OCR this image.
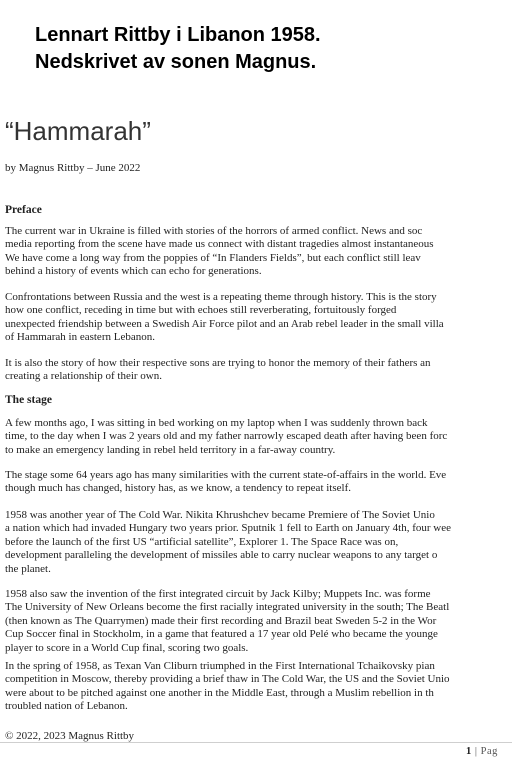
Lennart Rittby i Libanon 1958.
Nedskrivet av sonen Magnus.
“Hammarah”
by Magnus Rittby – June 2022
Preface
The current war in Ukraine is filled with stories of the horrors of armed conflict. News and soc
media reporting from the scene have made us connect with distant tragedies almost instantaneous
We have come a long way from the poppies of “In Flanders Fields”, but each conflict still leav
behind a history of events which can echo for generations.
Confrontations between Russia and the west is a repeating theme through history. This is the story
how one conflict, receding in time but with echoes still reverberating, fortuitously forged
unexpected friendship between a Swedish Air Force pilot and an Arab rebel leader in the small villa
of Hammarah in eastern Lebanon.
It is also the story of how their respective sons are trying to honor the memory of their fathers an
creating a relationship of their own.
The stage
A few months ago, I was sitting in bed working on my laptop when I was suddenly thrown back
time, to the day when I was 2 years old and my father narrowly escaped death after having been forc
to make an emergency landing in rebel held territory in a far-away country.
The stage some 64 years ago has many similarities with the current state-of-affairs in the world. Eve
though much has changed, history has, as we know, a tendency to repeat itself.
1958 was another year of The Cold War. Nikita Khrushchev became Premiere of The Soviet Unio
a nation which had invaded Hungary two years prior. Sputnik 1 fell to Earth on January 4th, four wee
before the launch of the first US “artificial satellite”, Explorer 1. The Space Race was on,
development paralleling the development of missiles able to carry nuclear weapons to any target o
the planet.
1958 also saw the invention of the first integrated circuit by Jack Kilby; Muppets Inc. was forme
The University of New Orleans become the first racially integrated university in the south; The Beatl
(then known as The Quarrymen) made their first recording and Brazil beat Sweden 5-2 in the Wor
Cup Soccer final in Stockholm, in a game that featured a 17 year old Pelé who became the younge
player to score in a World Cup final, scoring two goals.
In the spring of 1958, as Texan Van Cliburn triumphed in the First International Tchaikovsky pian
competition in Moscow, thereby providing a brief thaw in The Cold War, the US and the Soviet Unio
were about to be pitched against one another in the Middle East, through a Muslim rebellion in th
troubled nation of Lebanon.
© 2022, 2023 Magnus Rittby
1 | Pag
